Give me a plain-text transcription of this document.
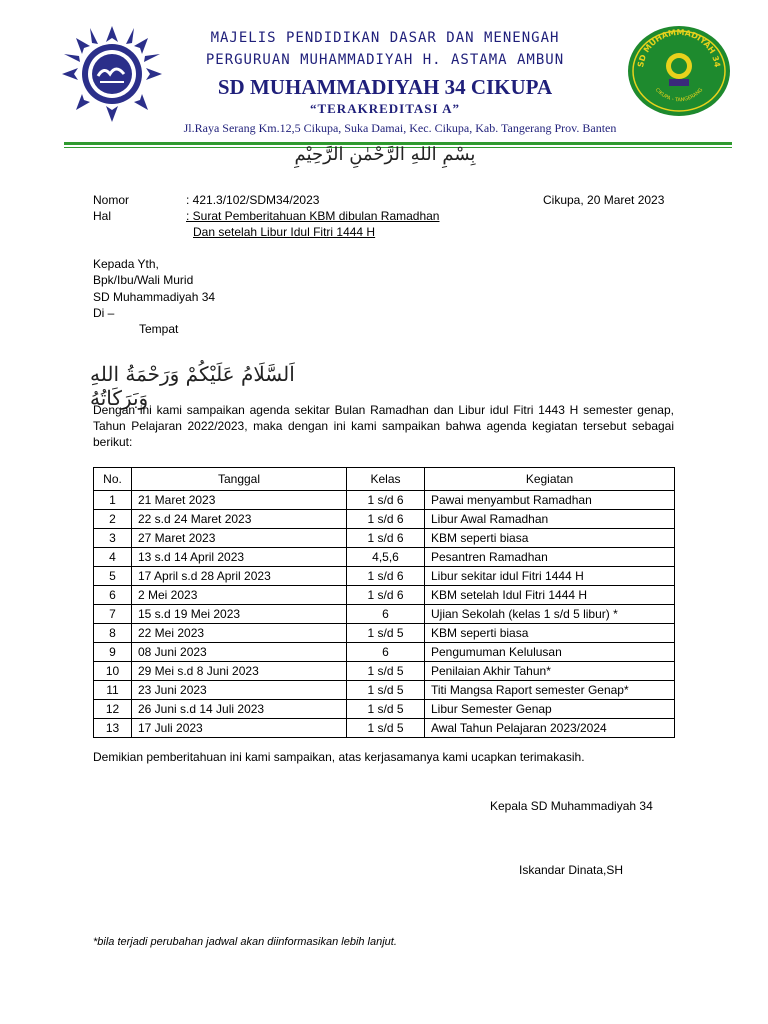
MAJELIS PENDIDIKAN DASAR DAN MENENGAH
PERGURUAN MUHAMMADIYAH H. ASTAMA AMBUN
SD MUHAMMADIYAH 34 CIKUPA
“TERAKREDITASI A”
Jl.Raya Serang Km.12,5 Cikupa, Suka Damai, Kec. Cikupa, Kab. Tangerang Prov. Banten
SD MUHAMMADIYAH 34
CIKUPA - TANGERANG
بِسْمِ اللهِ الرَّحْمٰنِ الرَّحِيْمِ
Nomor	: 421.3/102/SDM34/2023	Cikupa, 20 Maret 2023
Hal	: Surat Pemberitahuan KBM dibulan Ramadhan
Dan setelah Libur Idul Fitri 1444 H
Kepada Yth,
Bpk/Ibu/Wali Murid
SD Muhammadiyah 34
Di –
Tempat
اَلسَّلَامُ عَلَيْكُمْ وَرَحْمَةُ اللهِ وَبَرَكَاتُهُ
Dengan ini kami sampaikan agenda sekitar Bulan Ramadhan dan Libur idul Fitri 1443 H semester genap, Tahun Pelajaran 2022/2023, maka dengan ini kami sampaikan bahwa agenda kegiatan tersebut sebagai berikut:
No.	Tanggal	Kelas	Kegiatan
1	21 Maret 2023	1 s/d 6	Pawai menyambut Ramadhan
2	22 s.d 24 Maret 2023	1 s/d 6	Libur Awal Ramadhan
3	27 Maret 2023	1 s/d 6	KBM seperti biasa
4	13 s.d 14 April 2023	4,5,6	Pesantren Ramadhan
5	17 April s.d 28 April 2023	1 s/d 6	Libur sekitar idul Fitri 1444 H
6	2 Mei 2023	1 s/d 6	KBM setelah Idul Fitri 1444 H
7	15 s.d 19 Mei 2023	6	Ujian Sekolah (kelas 1 s/d 5 libur) *
8	22 Mei 2023	1 s/d 5	KBM seperti biasa
9	08 Juni 2023	6	Pengumuman Kelulusan
10	29 Mei s.d 8 Juni 2023	1 s/d 5	Penilaian Akhir Tahun*
11	23 Juni 2023	1 s/d 5	Titi Mangsa Raport semester Genap*
12	26 Juni s.d 14 Juli 2023	1 s/d 5	Libur Semester Genap
13	17 Juli 2023	1 s/d 5	Awal Tahun Pelajaran 2023/2024
Demikian pemberitahuan ini kami sampaikan, atas kerjasamanya kami ucapkan terimakasih.
Kepala SD Muhammadiyah 34
Iskandar Dinata,SH
*bila terjadi perubahan jadwal akan diinformasikan lebih lanjut.
